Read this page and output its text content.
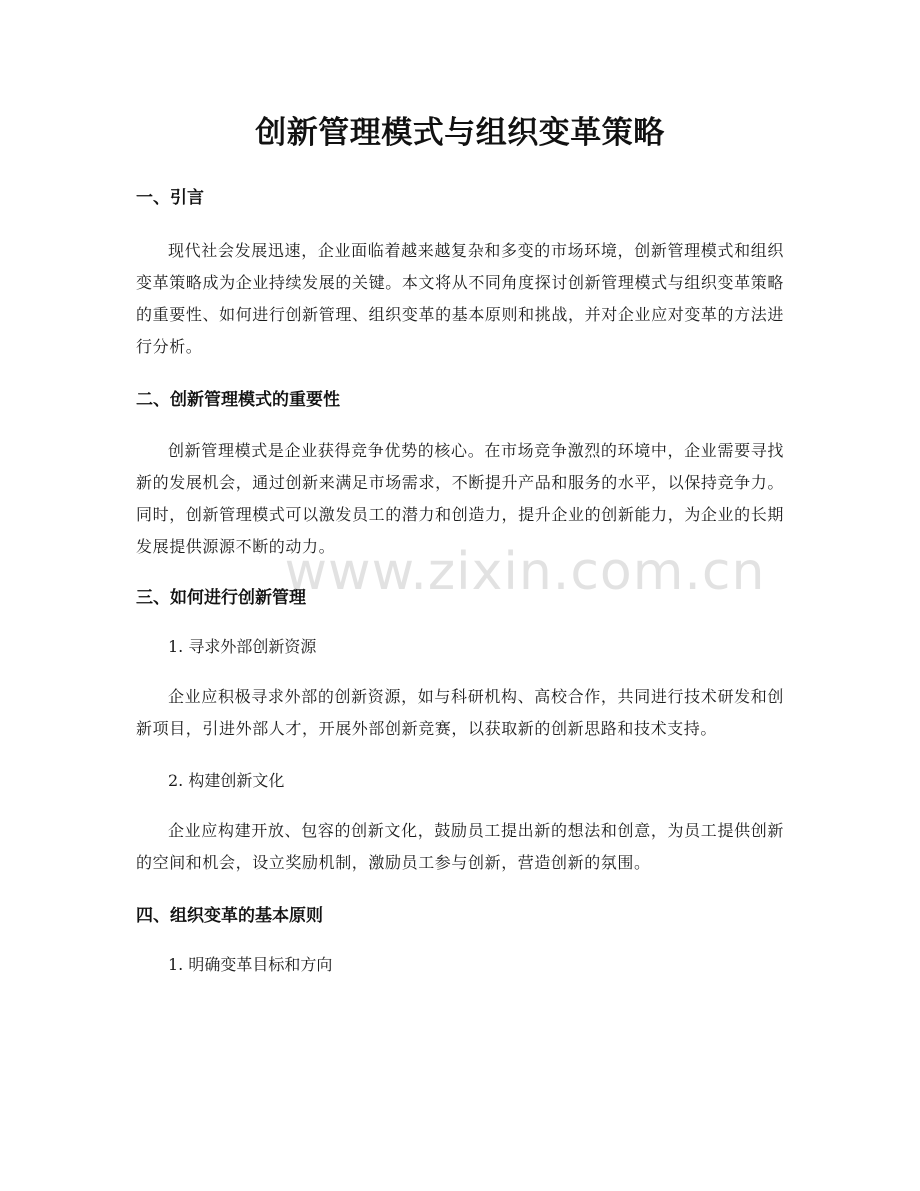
创新管理模式与组织变革策略
一、引言

现代社会发展迅速，企业面临着越来越复杂和多变的市场环境，创新管理模式和组织变革策略成为企业持续发展的关键。本文将从不同角度探讨创新管理模式与组织变革策略的重要性、如何进行创新管理、组织变革的基本原则和挑战，并对企业应对变革的方法进行分析。

二、创新管理模式的重要性

创新管理模式是企业获得竞争优势的核心。在市场竞争激烈的环境中，企业需要寻找新的发展机会，通过创新来满足市场需求，不断提升产品和服务的水平，以保持竞争力。同时，创新管理模式可以激发员工的潜力和创造力，提升企业的创新能力，为企业的长期发展提供源源不断的动力。

三、如何进行创新管理

1. 寻求外部创新资源

企业应积极寻求外部的创新资源，如与科研机构、高校合作，共同进行技术研发和创新项目，引进外部人才，开展外部创新竞赛，以获取新的创新思路和技术支持。

2. 构建创新文化

企业应构建开放、包容的创新文化，鼓励员工提出新的想法和创意，为员工提供创新的空间和机会，设立奖励机制，激励员工参与创新，营造创新的氛围。

四、组织变革的基本原则

1. 明确变革目标和方向

www.zixin.com.cn
